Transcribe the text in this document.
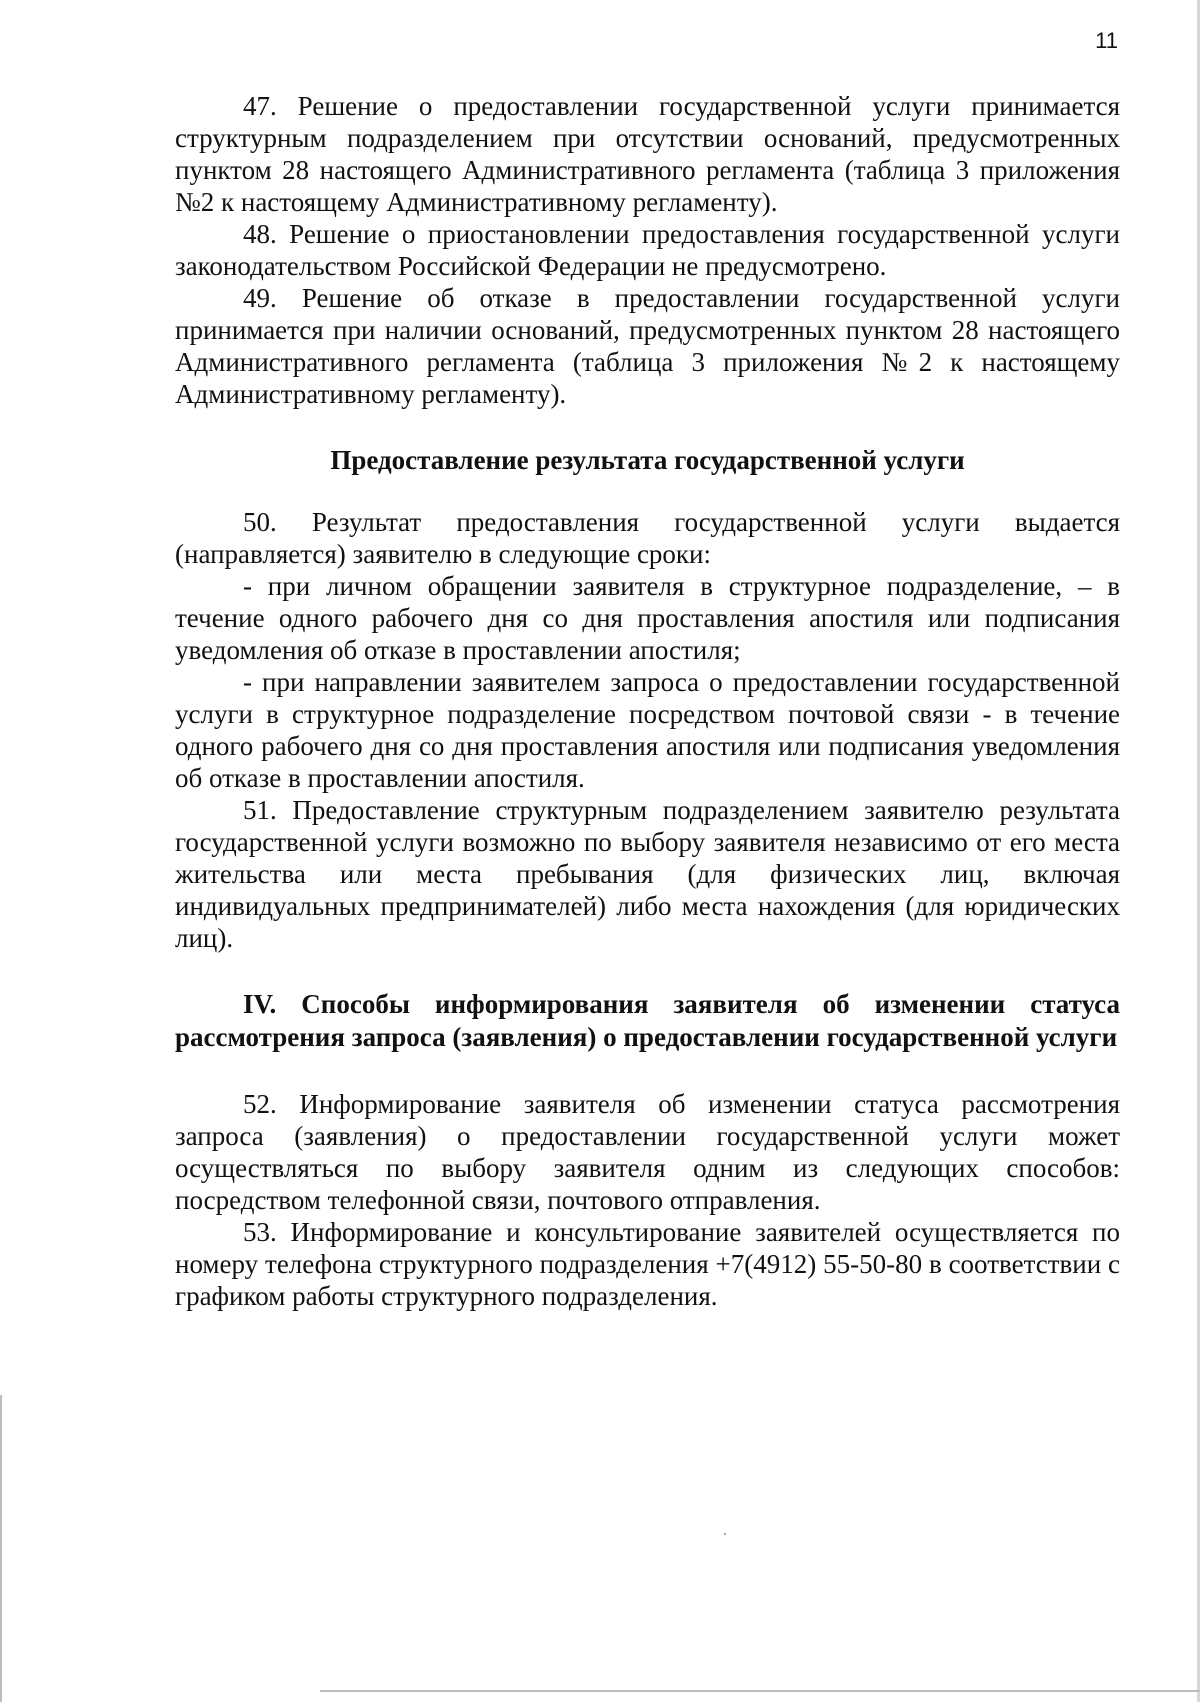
11

47. Решение о предоставлении государственной услуги принимается структурным подразделением при отсутствии оснований, предусмотренных пунктом 28 настоящего Административного регламента (таблица 3 приложения №2 к настоящему Административному регламенту).

48. Решение о приостановлении предоставления государственной услуги законодательством Российской Федерации не предусмотрено.

49. Решение об отказе в предоставлении государственной услуги принимается при наличии оснований, предусмотренных пунктом 28 настоящего Административного регламента (таблица 3 приложения №2 к настоящему Административному регламенту).

Предоставление результата государственной услуги

50. Результат предоставления государственной услуги выдается (направляется) заявителю в следующие сроки:

- при личном обращении заявителя в структурное подразделение, – в течение одного рабочего дня со дня проставления апостиля или подписания уведомления об отказе в проставлении апостиля;

- при направлении заявителем запроса о предоставлении государственной услуги в структурное подразделение посредством почтовой связи - в течение одного рабочего дня со дня проставления апостиля или подписания уведомления об отказе в проставлении апостиля.

51. Предоставление структурным подразделением заявителю результата государственной услуги возможно по выбору заявителя независимо от его места жительства или места пребывания (для физических лиц, включая индивидуальных предпринимателей) либо места нахождения (для юридических лиц).

IV. Способы информирования заявителя об изменении статуса рассмотрения запроса (заявления) о предоставлении государственной услуги

52. Информирование заявителя об изменении статуса рассмотрения запроса (заявления) о предоставлении государственной услуги может осуществляться по выбору заявителя одним из следующих способов: посредством телефонной связи, почтового отправления.

53. Информирование и консультирование заявителей осуществляется по номеру телефона структурного подразделения +7(4912) 55-50-80 в соответствии с графиком работы структурного подразделения.
